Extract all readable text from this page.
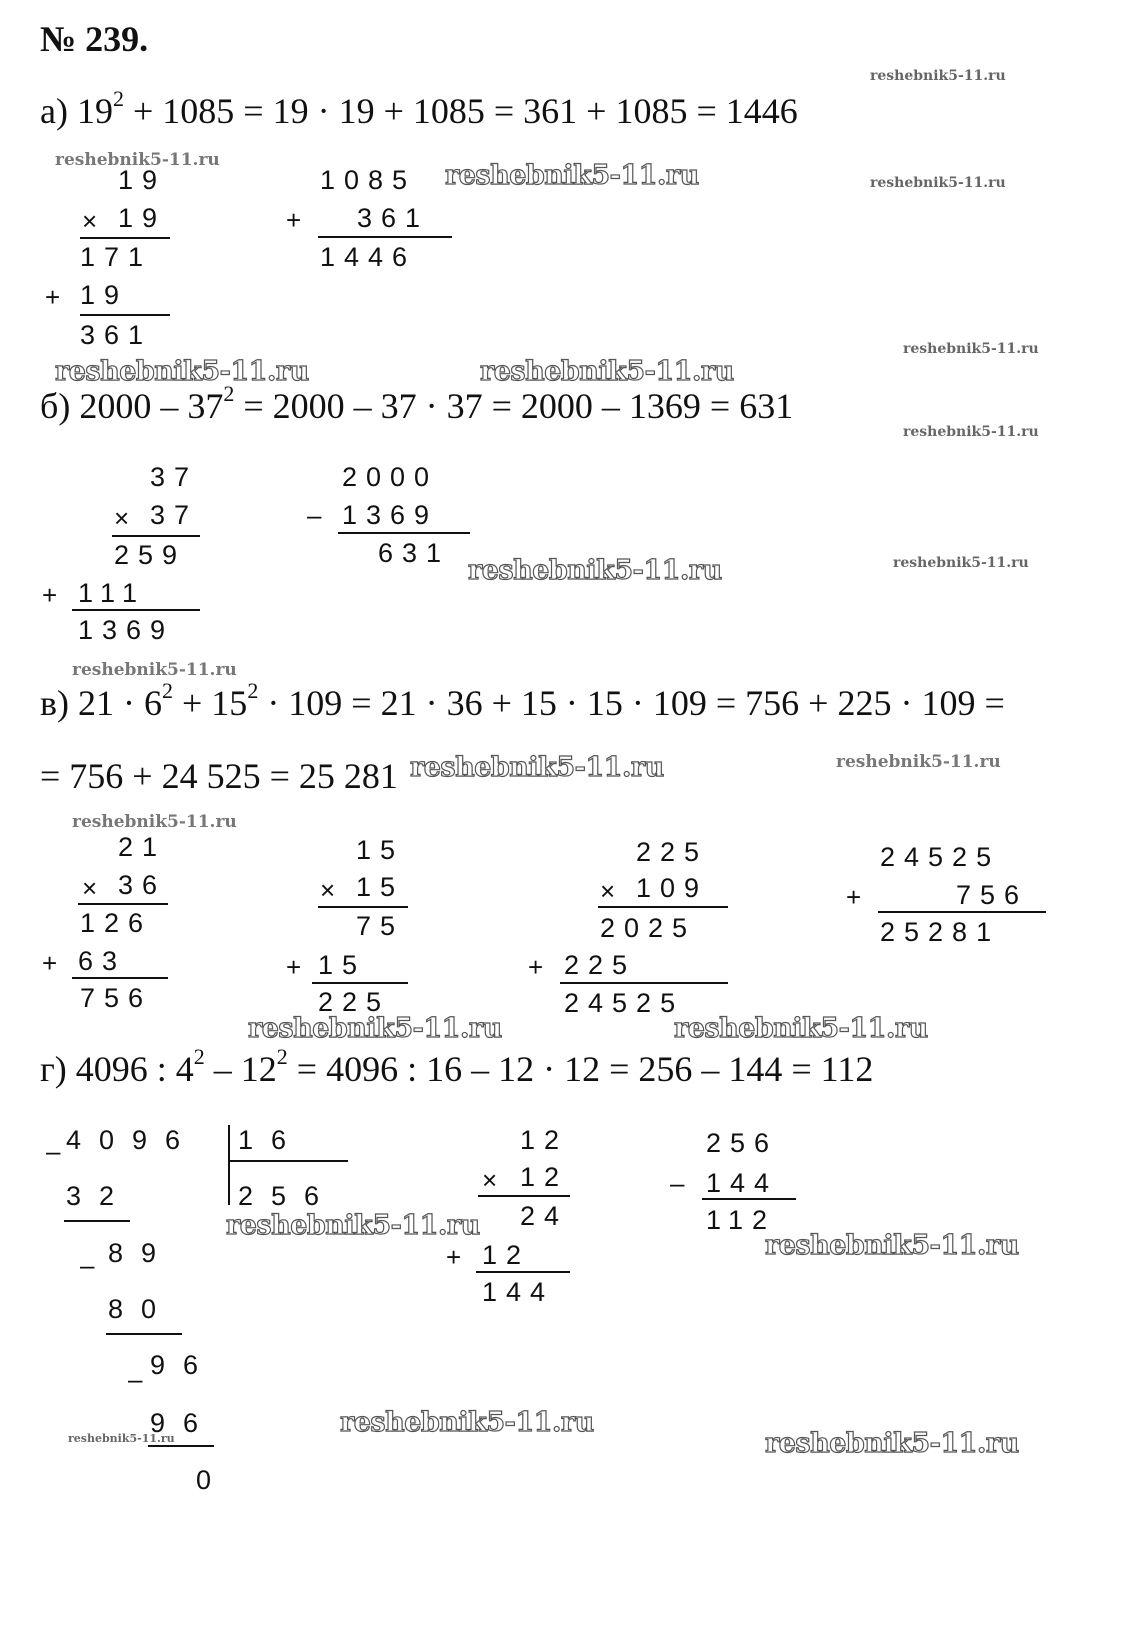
№ 239.
а) $19^2 + 1085 = 19 \cdot 19 + 1085 = 361 + 1085 = 1446$
19
× 19
171
+ 19
361
1085
+ 361
1446
б) $2000 - 37^2 = 2000 - 37 \cdot 37 = 2000 - 1369 = 631$
37
× 37
259
+ 111
1369
2000
– 1369
631
в) $21 \cdot 6^2 + 15^2 \cdot 109 = 21 \cdot 36 + 15 \cdot 15 \cdot 109 = 756 + 225 \cdot 109$ =
= 756 + 24 525 = 25 281
21
× 36
126
+ 63
756
15
× 15
75
+ 15
225
225
× 109
2025
+ 225
24525
24525
+	756
25281
г) 4096 : $4^2 - 12^2 = 4096$ : 16 – 12 · 12 = 256 – 144 = 112
4096
–	16
256
32
89
–
80
96
–
96
0
12
× 12
24
+ 12
144
256
– 144
112
reshebnik5-11.ru
reshebnik5-11.ru	reshebnik5-11.ru	reshebnik5-11.ru
reshebnik5-11.ru
reshebnik5-11.ru	reshebnik5-11.ru
reshebnik5-11.ru
reshebnik5-11.ru	reshebnik5-11.ru
reshebnik5-11.ru
reshebnik5-11.ru	reshebnik5-11.ru
reshebnik5-11.ru
reshebnik5-11.ru	reshebnik5-11.ru
reshebnik5-11.ru
reshebnik5-11.ru
reshebnik5-11.ru
reshebnik5-11.ru	reshebnik5-11.ru
